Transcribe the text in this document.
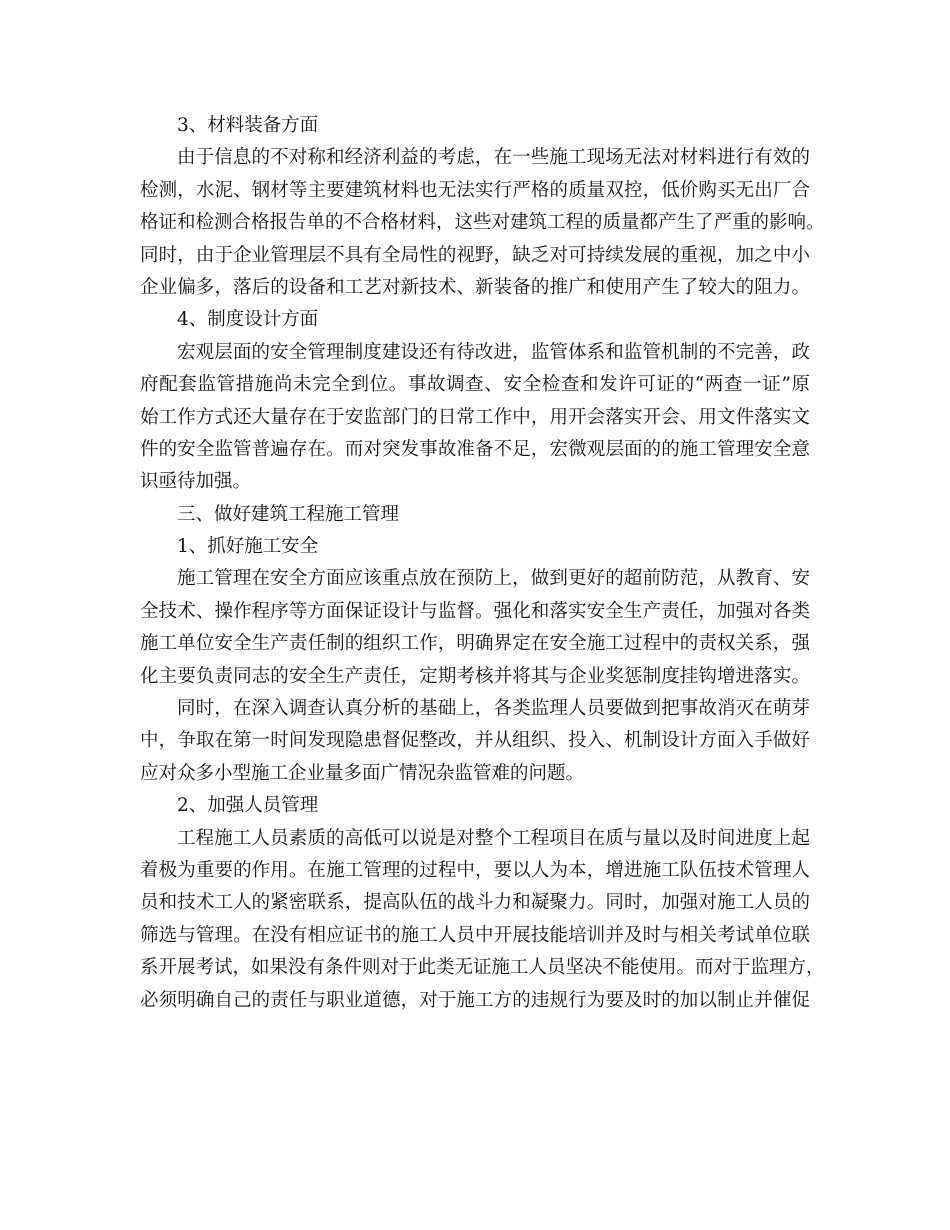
3、材料装备方面
由于信息的不对称和经济利益的考虑，在一些施工现场无法对材料进行有效的
检测，水泥、钢材等主要建筑材料也无法实行严格的质量双控，低价购买无出厂合
格证和检测合格报告单的不合格材料，这些对建筑工程的质量都产生了严重的影响。
同时，由于企业管理层不具有全局性的视野，缺乏对可持续发展的重视，加之中小
企业偏多，落后的设备和工艺对新技术、新装备的推广和使用产生了较大的阻力。
4、制度设计方面
宏观层面的安全管理制度建设还有待改进，监管体系和监管机制的不完善，政
府配套监管措施尚未完全到位。事故调查、安全检查和发许可证的“两查一证”原
始工作方式还大量存在于安监部门的日常工作中，用开会落实开会、用文件落实文
件的安全监管普遍存在。而对突发事故准备不足，宏微观层面的的施工管理安全意
识亟待加强。
三、做好建筑工程施工管理
1、抓好施工安全
施工管理在安全方面应该重点放在预防上，做到更好的超前防范，从教育、安
全技术、操作程序等方面保证设计与监督。强化和落实安全生产责任，加强对各类
施工单位安全生产责任制的组织工作，明确界定在安全施工过程中的责权关系，强
化主要负责同志的安全生产责任，定期考核并将其与企业奖惩制度挂钩增进落实。
同时，在深入调查认真分析的基础上，各类监理人员要做到把事故消灭在萌芽
中，争取在第一时间发现隐患督促整改，并从组织、投入、机制设计方面入手做好
应对众多小型施工企业量多面广情况杂监管难的问题。
2、加强人员管理
工程施工人员素质的高低可以说是对整个工程项目在质与量以及时间进度上起
着极为重要的作用。在施工管理的过程中，要以人为本，增进施工队伍技术管理人
员和技术工人的紧密联系，提高队伍的战斗力和凝聚力。同时，加强对施工人员的
筛选与管理。在没有相应证书的施工人员中开展技能培训并及时与相关考试单位联
系开展考试，如果没有条件则对于此类无证施工人员坚决不能使用。而对于监理方，
必须明确自己的责任与职业道德，对于施工方的违规行为要及时的加以制止并催促
